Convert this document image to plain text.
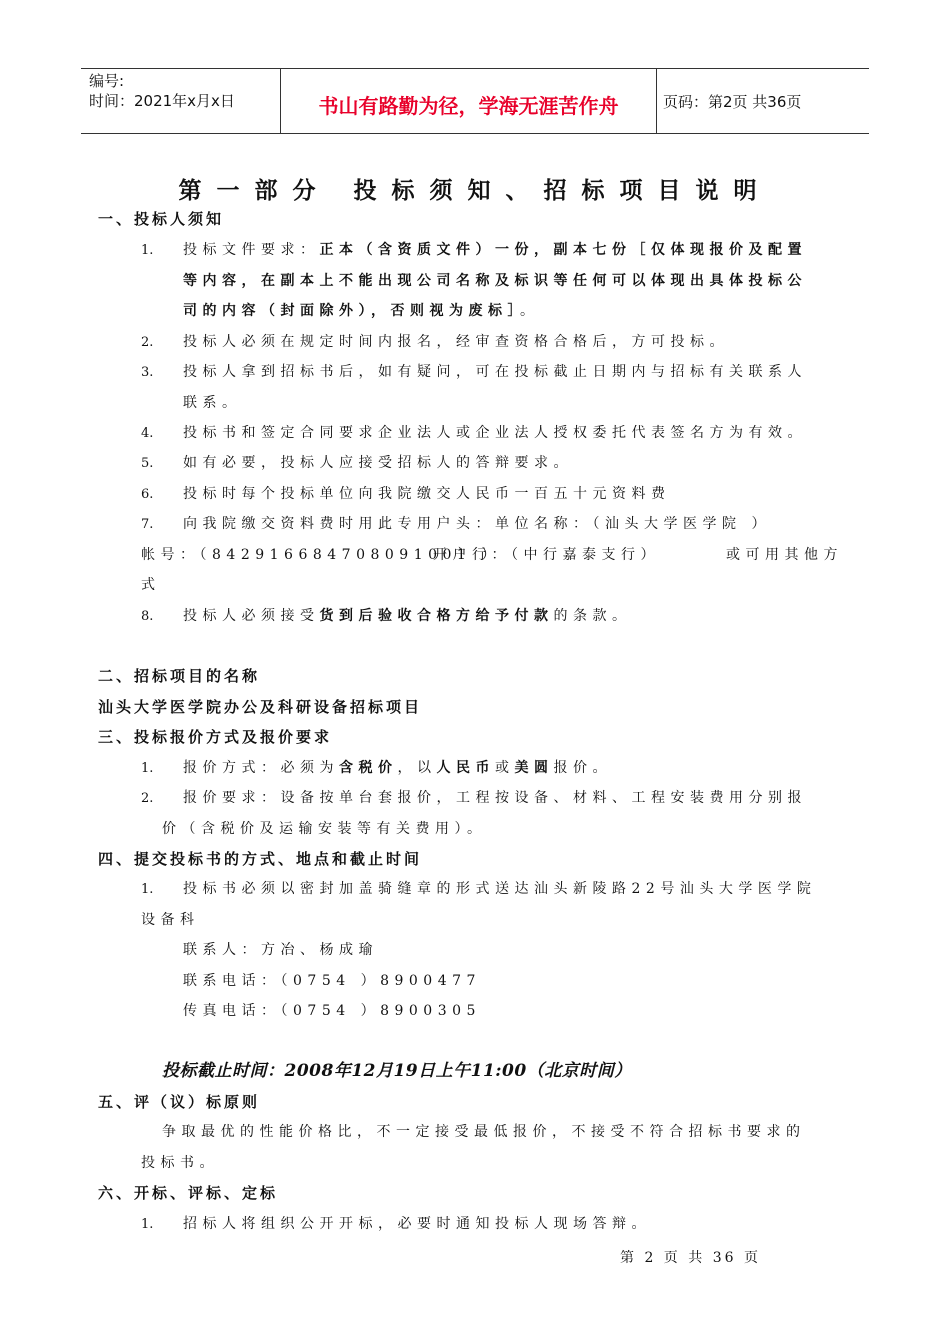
编号:
时间：2021年x月x日	书山有路勤为径，学海无涯苦作舟	页码：第2页 共36页
第一部分 投标须知、招标项目说明
一、投标人须知
1. 投标文件要求：正本（含资质文件）一份，副本七份［仅体现报价及配置
等内容，在副本上不能出现公司名称及标识等任何可以体现出具体投标公
司的内容（封面除外），否则视为废标］。
2. 投标人必须在规定时间内报名，经审查资格合格后，方可投标。
3. 投标人拿到招标书后，如有疑问，可在投标截止日期内与招标有关联系人
联系。
4. 投标书和签定合同要求企业法人或企业法人授权委托代表签名方为有效。
5. 如有必要，投标人应接受招标人的答辩要求。
6. 投标时每个投标单位向我院缴交人民币一百五十元资料费
7. 向我院缴交资料费时用此专用户头：单位名称：（汕头大学医学院 ）
帐号：（842916684708091001 ）
开户行：（中行嘉泰支行）	或可用其他方
式
8. 投标人必须接受货到后验收合格方给予付款的条款。
二、招标项目的名称
汕头大学医学院办公及科研设备招标项目
三、投标报价方式及报价要求
1. 报价方式：必须为含税价，以人民币或美圆报价。
2. 报价要求：设备按单台套报价，工程按设备、材料、工程安装费用分别报
价（含税价及运输安装等有关费用）。
四、提交投标书的方式、地点和截止时间
1. 投标书必须以密封加盖骑缝章的形式送达汕头新陵路22号汕头大学医学院
设备科
联系人：方冶、杨成瑜
联系电话：（0754 ）8900477
传真电话：（0754 ）8900305
投标截止时间：2008年12月19日上午11:00（北京时间）
五、评（议）标原则
争取最优的性能价格比，不一定接受最低报价，不接受不符合招标书要求的
投标书。
六、开标、评标、定标
1. 招标人将组织公开开标，必要时通知投标人现场答辩。
第 2 页 共 36 页
